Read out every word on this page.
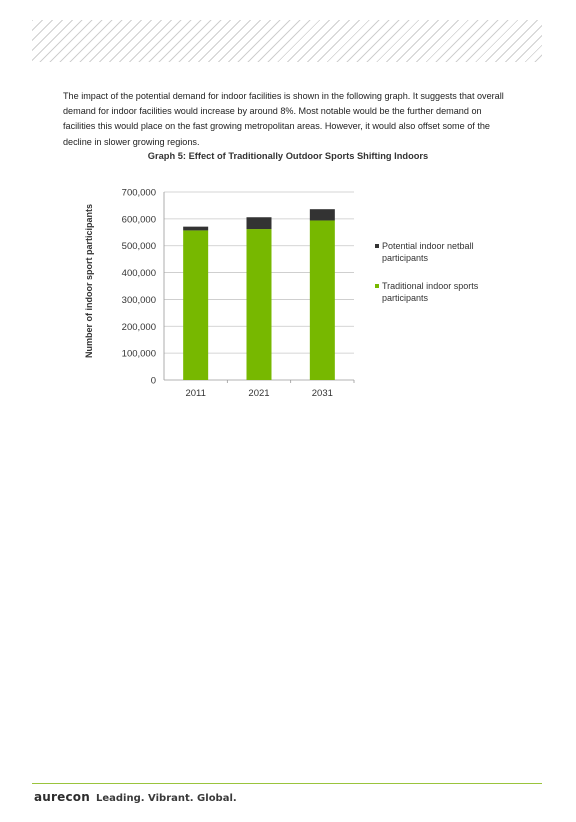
The impact of the potential demand for indoor facilities is shown in the following graph. It suggests that overall demand for indoor facilities would increase by around 8%. Most notable would be the further demand on facilities this would place on the fast growing metropolitan areas. However, it would also offset some of the decline in slower growing regions.

Graph 5: Effect of Traditionally Outdoor Sports Shifting Indoors

Number of indoor sport participants
0
100,000
200,000
300,000
400,000
500,000
600,000
700,000
2011	2021	2031
Potential indoor netball participants
Traditional indoor sports participants
aurecon Leading. Vibrant. Global.
